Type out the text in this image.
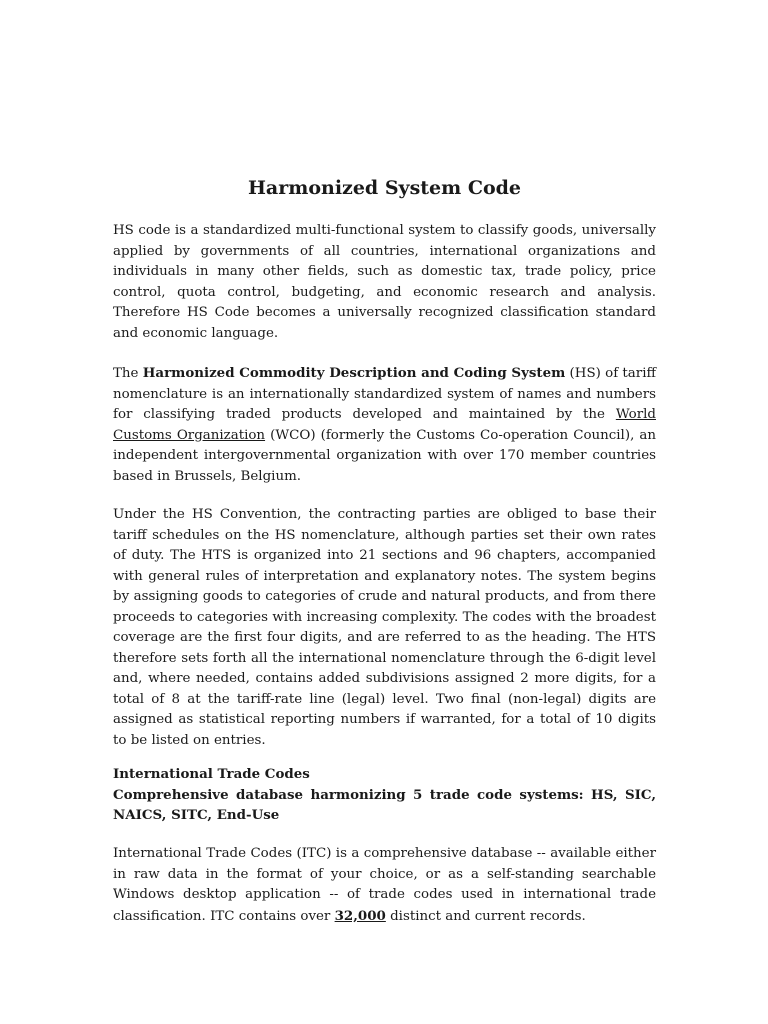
Harmonized System Code

HS code is a standardized multi-functional system to classify goods, universally applied by governments of all countries, international organizations and individuals in many other fields, such as domestic tax, trade policy, price control, quota control, budgeting, and economic research and analysis. Therefore HS Code becomes a universally recognized classification standard and economic language.

The Harmonized Commodity Description and Coding System (HS) of tariff nomenclature is an internationally standardized system of names and numbers for classifying traded products developed and maintained by the World Customs Organization (WCO) (formerly the Customs Co-operation Council), an independent intergovernmental organization with over 170 member countries based in Brussels, Belgium.

Under the HS Convention, the contracting parties are obliged to base their tariff schedules on the HS nomenclature, although parties set their own rates of duty. The HTS is organized into 21 sections and 96 chapters, accompanied with general rules of interpretation and explanatory notes. The system begins by assigning goods to categories of crude and natural products, and from there proceeds to categories with increasing complexity. The codes with the broadest coverage are the first four digits, and are referred to as the heading. The HTS therefore sets forth all the international nomenclature through the 6-digit level and, where needed, contains added subdivisions assigned 2 more digits, for a total of 8 at the tariff-rate line (legal) level. Two final (non-legal) digits are assigned as statistical reporting numbers if warranted, for a total of 10 digits to be listed on entries.

International Trade Codes

Comprehensive database harmonizing 5 trade code systems: HS, SIC, NAICS, SITC, End-Use

International Trade Codes (ITC) is a comprehensive database -- available either in raw data in the format of your choice, or as a self-standing searchable Windows desktop application -- of trade codes used in international trade classification. ITC contains over 32,000 distinct and current records.
